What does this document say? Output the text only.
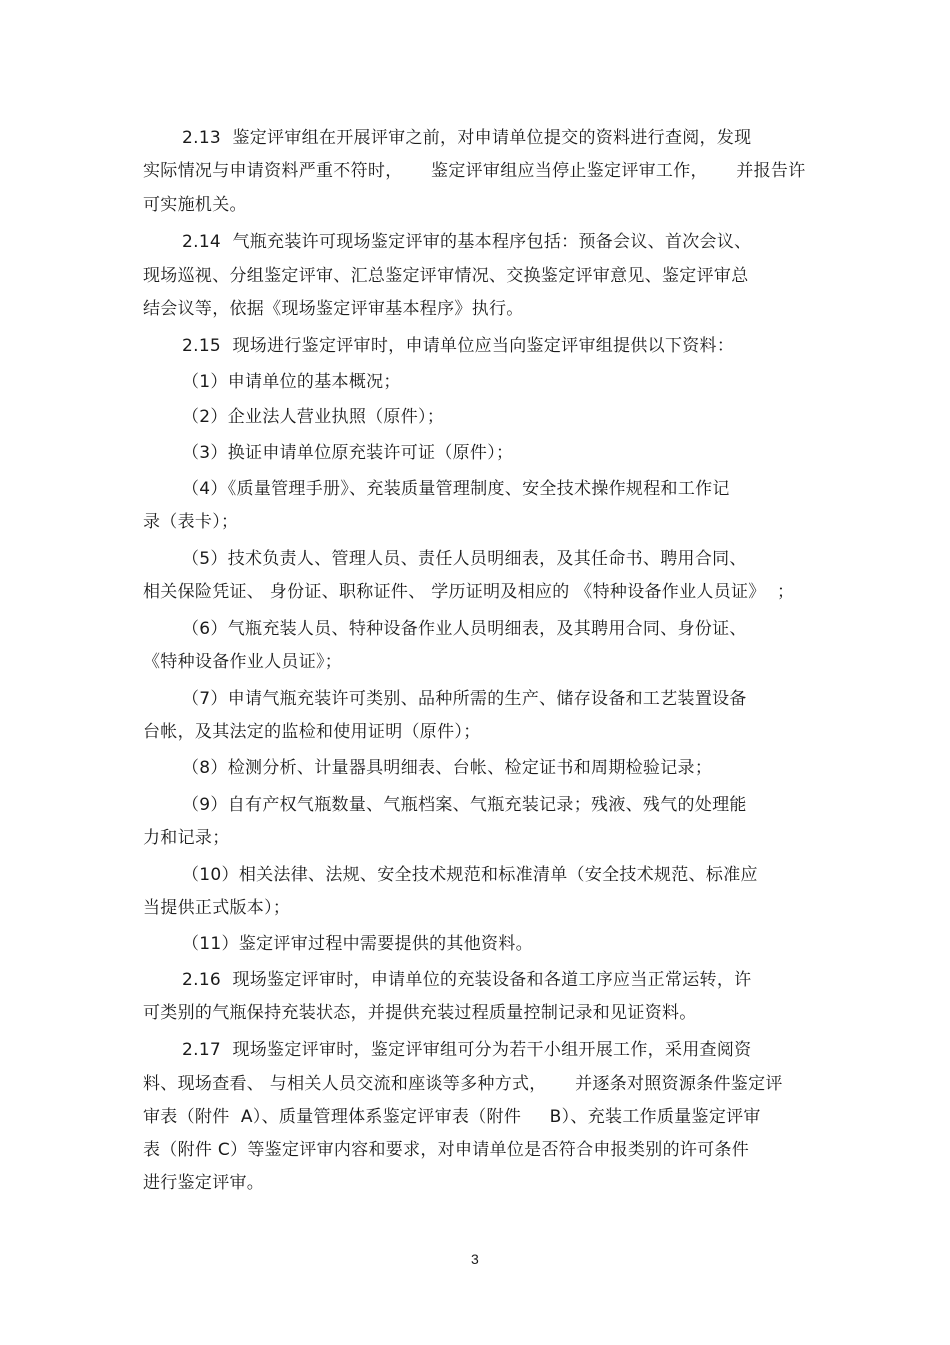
2.13  鉴定评审组在开展评审之前，对申请单位提交的资料进行查阅，发现
实际情况与申请资料严重不符时，     鉴定评审组应当停止鉴定评审工作，     并报告许
可实施机关。
2.14  气瓶充装许可现场鉴定评审的基本程序包括：预备会议、首次会议、
现场巡视、分组鉴定评审、汇总鉴定评审情况、交换鉴定评审意见、鉴定评审总
结会议等，依据《现场鉴定评审基本程序》执行。
2.15  现场进行鉴定评审时，申请单位应当向鉴定评审组提供以下资料：
（1）申请单位的基本概况；
（2）企业法人营业执照（原件）；
（3）换证申请单位原充装许可证（原件）；
（4）《质量管理手册》、充装质量管理制度、安全技术操作规程和工作记
录（表卡）；
（5）技术负责人、管理人员、责任人员明细表，及其任命书、聘用合同、
相关保险凭证、 身份证、职称证件、 学历证明及相应的 《特种设备作业人员证》  ；
（6）气瓶充装人员、特种设备作业人员明细表，及其聘用合同、身份证、
《特种设备作业人员证》；
（7）申请气瓶充装许可类别、品种所需的生产、储存设备和工艺装置设备
台帐，及其法定的监检和使用证明（原件）；
（8）检测分析、计量器具明细表、台帐、检定证书和周期检验记录；
（9）自有产权气瓶数量、气瓶档案、气瓶充装记录；残液、残气的处理能
力和记录；
（10）相关法律、法规、安全技术规范和标准清单（安全技术规范、标准应
当提供正式版本）；
（11）鉴定评审过程中需要提供的其他资料。
2.16  现场鉴定评审时，申请单位的充装设备和各道工序应当正常运转，许
可类别的气瓶保持充装状态，并提供充装过程质量控制记录和见证资料。
2.17  现场鉴定评审时，鉴定评审组可分为若干小组开展工作，采用查阅资
料、现场查看、 与相关人员交流和座谈等多种方式，     并逐条对照资源条件鉴定评
审表（附件  A）、质量管理体系鉴定评审表（附件     B）、充装工作质量鉴定评审
表（附件 C）等鉴定评审内容和要求，对申请单位是否符合申报类别的许可条件
进行鉴定评审。
3
